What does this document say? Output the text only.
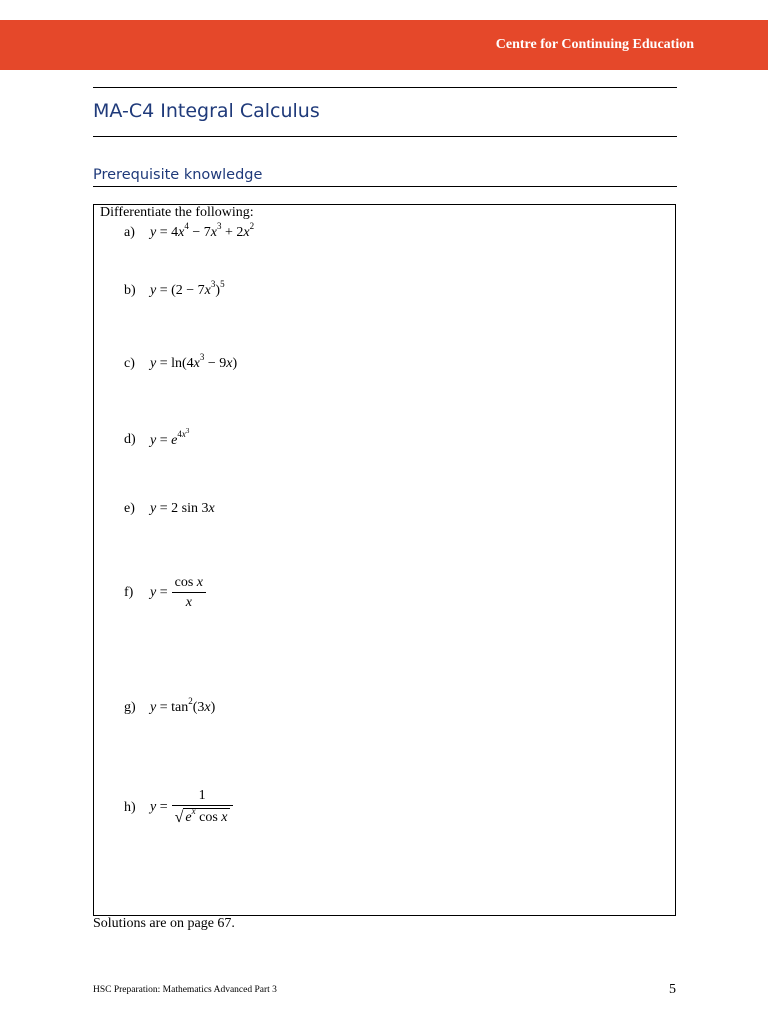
Centre for Continuing Education
MA-C4 Integral Calculus
Prerequisite knowledge
Differentiate the following:
a)	$y = 4x^4 - 7x^3 + 2x^2$
b)	$y = (2 - 7x^3)^5$
c)	$y = \ln(4x^3 - 9x)$
d)	$y = e^{4x^3}$
e)	y = 2 sin 3x
f)	$y = \frac{\text{cos x}}{x}$
g)	$y = \tan^2(3x)$
h)	$y = \frac{1}{√ e^x \cos x}$
Solutions are on page 67.
HSC Preparation: Mathematics Advanced Part 3	5
